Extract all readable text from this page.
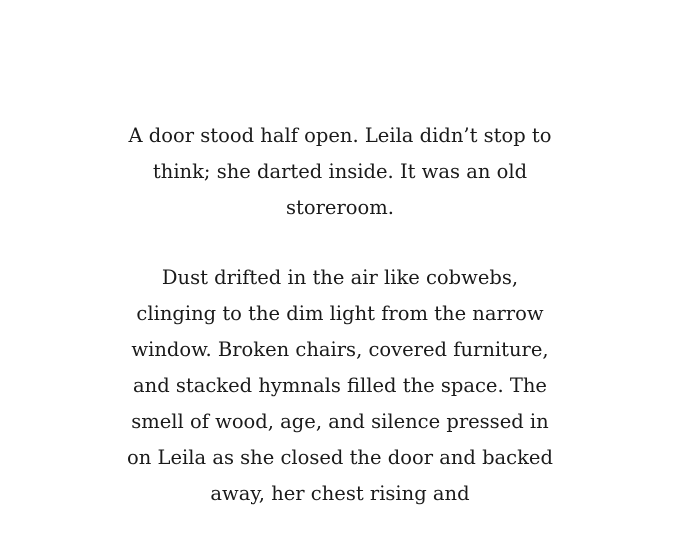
A door stood half open. Leila didn’t stop to think; she darted inside. It was an old storeroom.

Dust drifted in the air like cobwebs, clinging to the dim light from the narrow window. Broken chairs, covered furniture, and stacked hymnals filled the space. The smell of wood, age, and silence pressed in on Leila as she closed the door and backed away, her chest rising and
